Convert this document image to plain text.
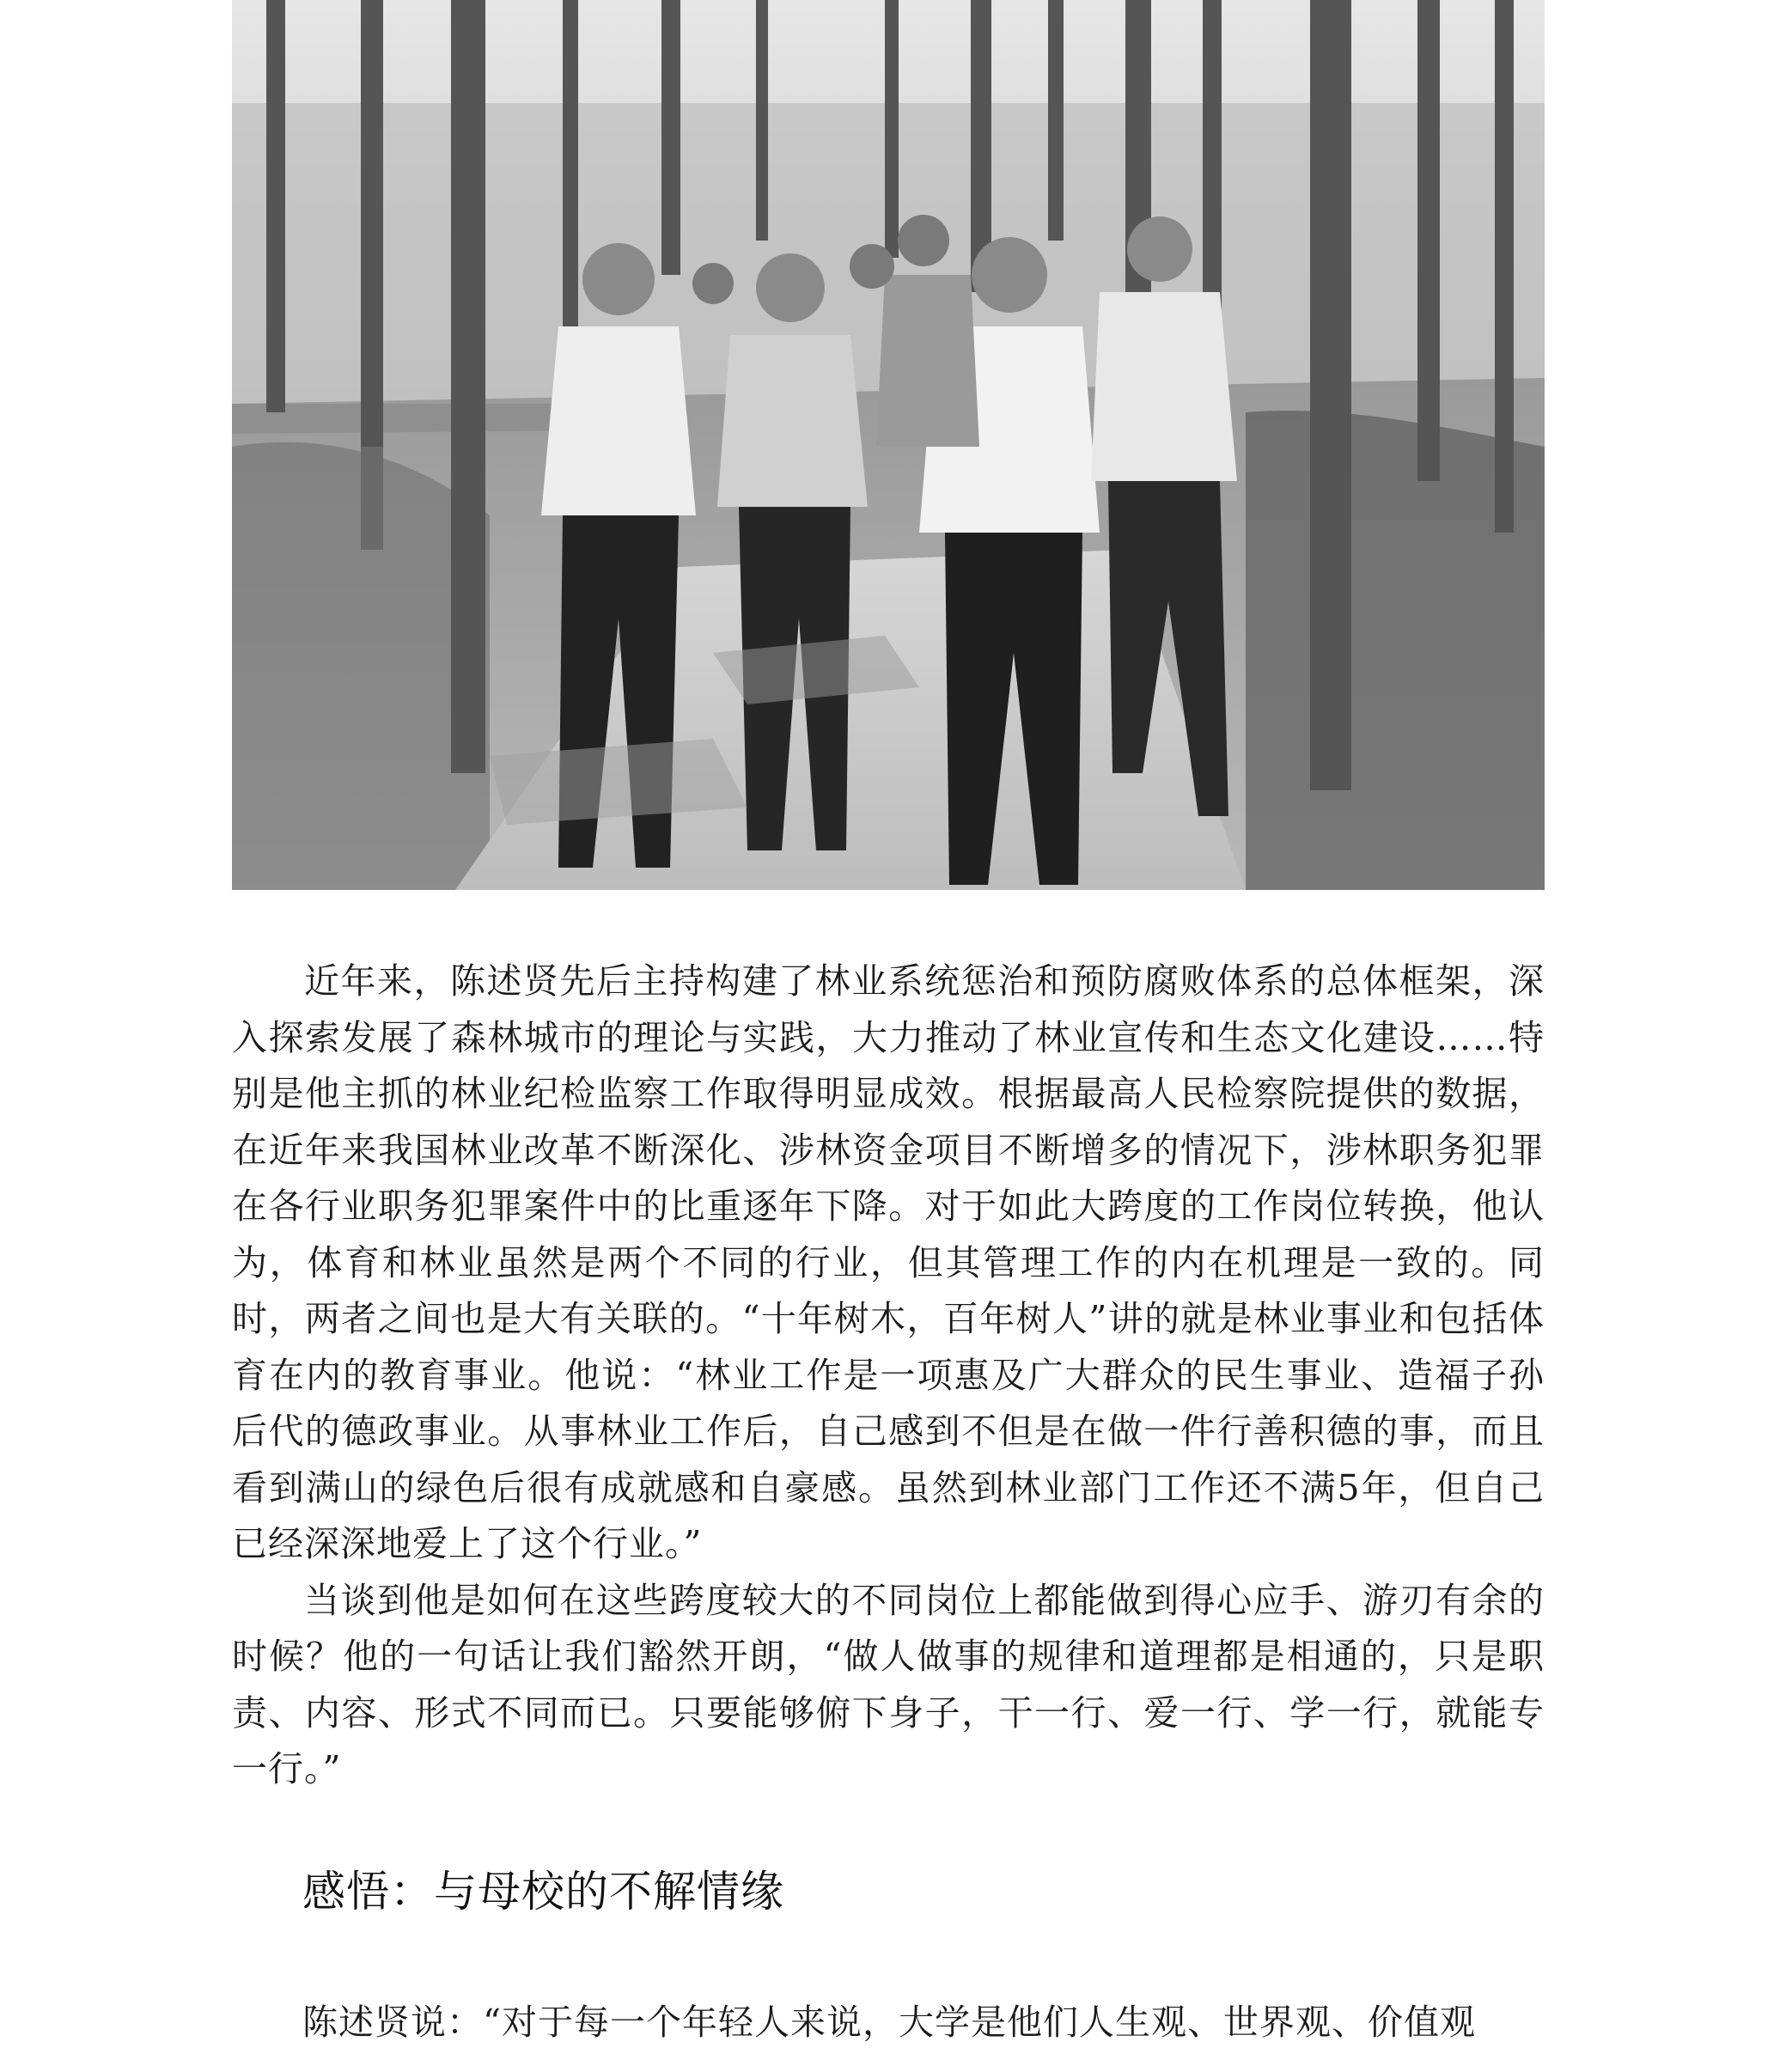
近年来，陈述贤先后主持构建了林业系统惩治和预防腐败体系的总体框架，深入探索发展了森林城市的理论与实践，大力推动了林业宣传和生态文化建设……特别是他主抓的林业纪检监察工作取得明显成效。根据最高人民检察院提供的数据，在近年来我国林业改革不断深化、涉林资金项目不断增多的情况下，涉林职务犯罪在各行业职务犯罪案件中的比重逐年下降。对于如此大跨度的工作岗位转换，他认为，体育和林业虽然是两个不同的行业，但其管理工作的内在机理是一致的。同时，两者之间也是大有关联的。“十年树木，百年树人”讲的就是林业事业和包括体育在内的教育事业。他说：“林业工作是一项惠及广大群众的民生事业、造福子孙后代的德政事业。从事林业工作后，自己感到不但是在做一件行善积德的事，而且看到满山的绿色后很有成就感和自豪感。虽然到林业部门工作还不满5年，但自己已经深深地爱上了这个行业。”

当谈到他是如何在这些跨度较大的不同岗位上都能做到得心应手、游刃有余的时候？他的一句话让我们豁然开朗，“做人做事的规律和道理都是相通的，只是职责、内容、形式不同而已。只要能够俯下身子，干一行、爱一行、学一行，就能专一行。”

感悟：与母校的不解情缘
陈述贤说：“对于每一个年轻人来说，大学是他们人生观、世界观、价值观
